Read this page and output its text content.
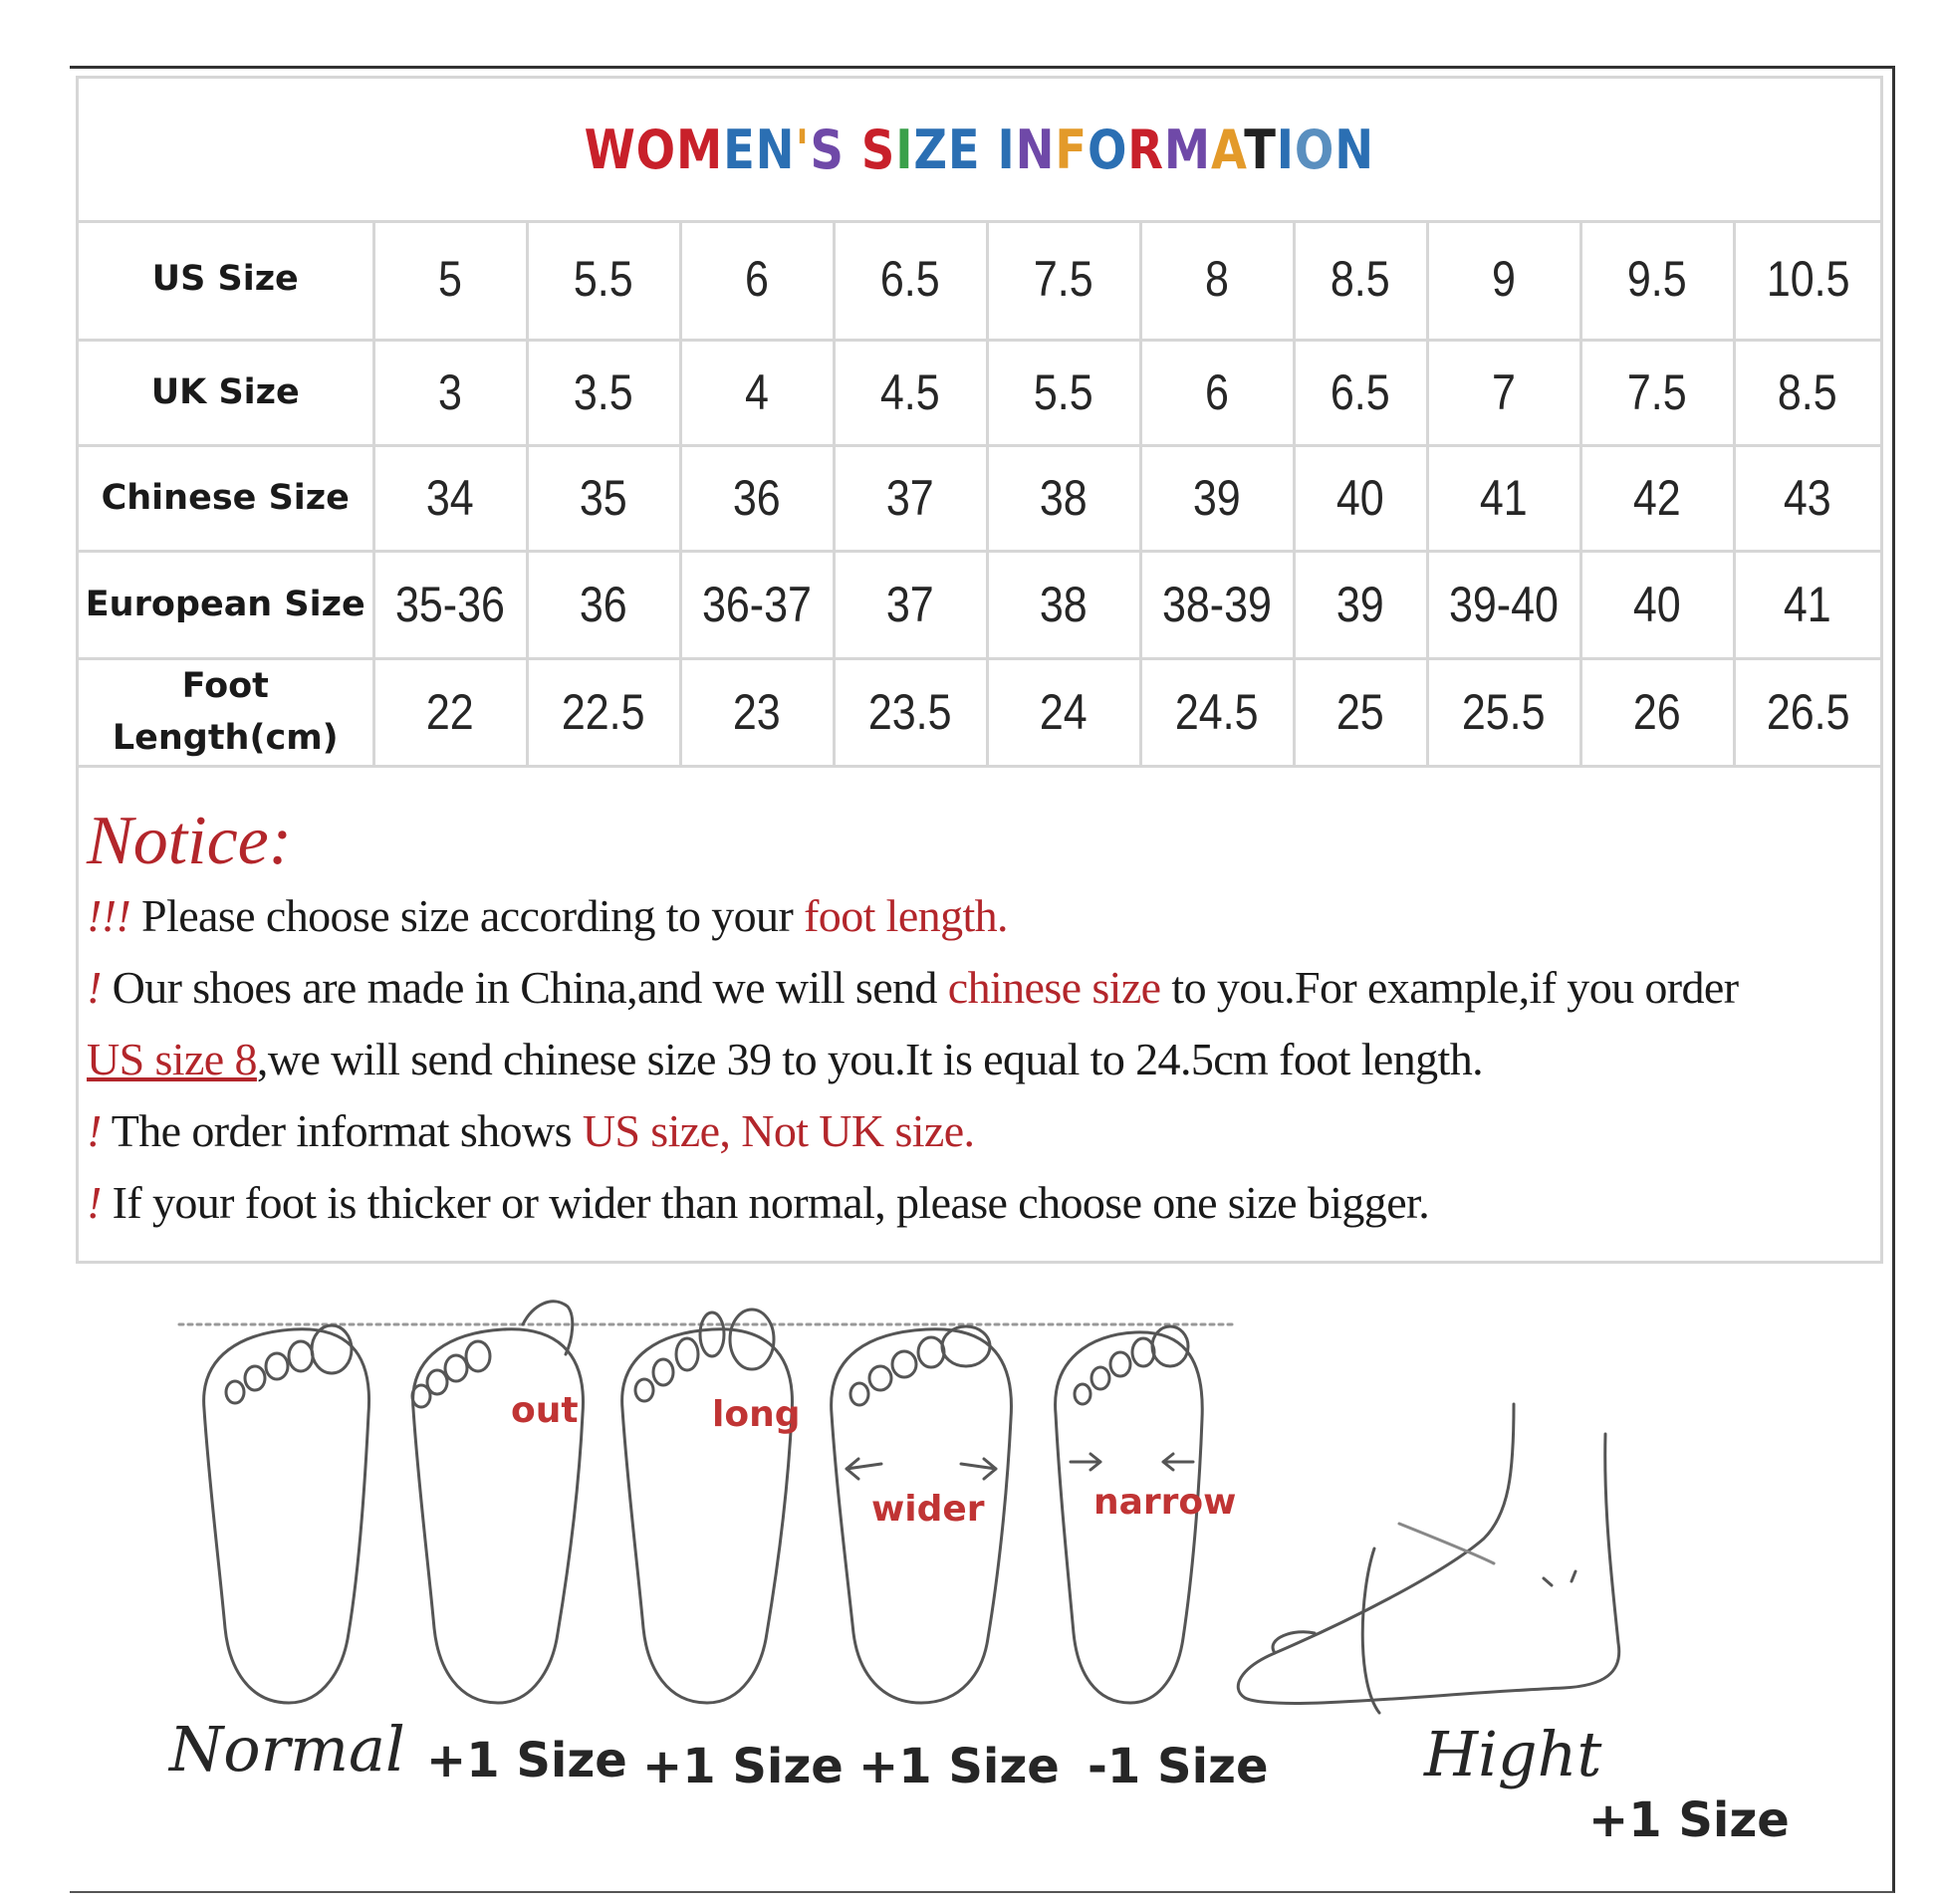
WOMEN'S SIZE INFORMATION
US Size	5	5.5	6	6.5	7.5	8	8.5	9	9.5	10.5
UK Size	3	3.5	4	4.5	5.5	6	6.5	7	7.5	8.5
Chinese Size	34	35	36	37	38	39	40	41	42	43
European Size	35-36	36	36-37	37	38	38-39	39	39-40	40	41
Foot Length(cm)	22	22.5	23	23.5	24	24.5	25	25.5	26	26.5
Notice:
!!! Please choose size according to your foot length.
! Our shoes are made in China,and we will send chinese size to you.For example,if you order
US size 8,we will send chinese size 39 to you.It is equal to 24.5cm foot length.
! The order informat shows US size, Not UK size.
! If your foot is thicker or wider than normal, please choose one size bigger.
out	long
wider	narrow
Normal +1 Size +1 Size +1 Size -1 Size	Hight
+1 Size
